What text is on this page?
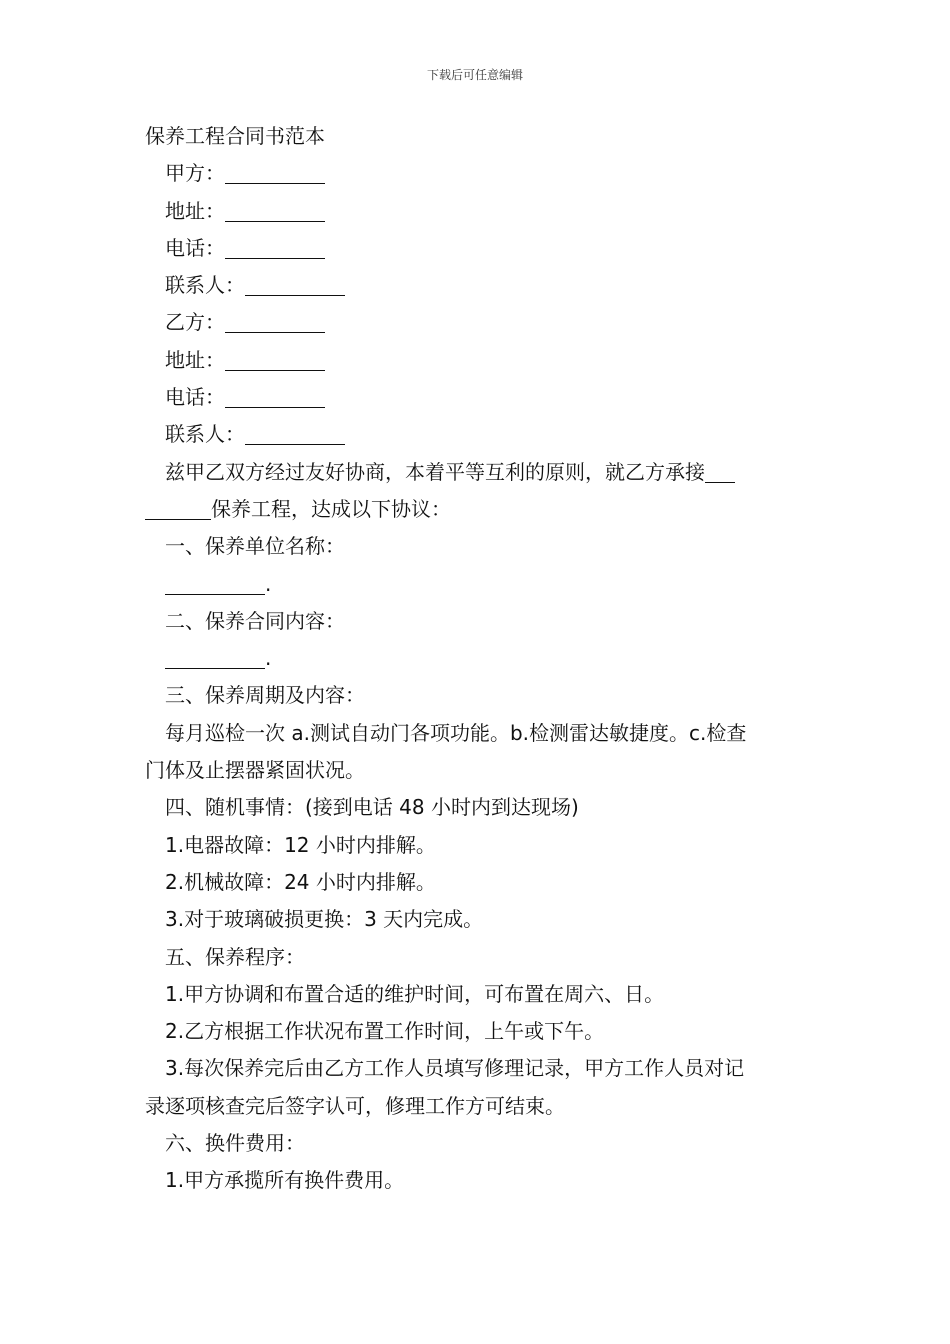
下载后可任意编辑
保养工程合同书范本
甲方：
地址：
电话：
联系人：
乙方：
地址：
电话：
联系人：
兹甲乙双方经过友好协商，本着平等互利的原则，就乙方承接
保养工程，达成以下协议：
一、保养单位名称：
.
二、保养合同内容：
.
三、保养周期及内容：
每月巡检一次 a.测试自动门各项功能。b.检测雷达敏捷度。c.检查
门体及止摆器紧固状况。
四、随机事情：(接到电话 48 小时内到达现场)
1.电器故障：12 小时内排解。
2.机械故障：24 小时内排解。
3.对于玻璃破损更换：3 天内完成。
五、保养程序：
1.甲方协调和布置合适的维护时间，可布置在周六、日。
2.乙方根据工作状况布置工作时间，上午或下午。
3.每次保养完后由乙方工作人员填写修理记录，甲方工作人员对记
录逐项核查完后签字认可，修理工作方可结束。
六、换件费用：
1.甲方承揽所有换件费用。
